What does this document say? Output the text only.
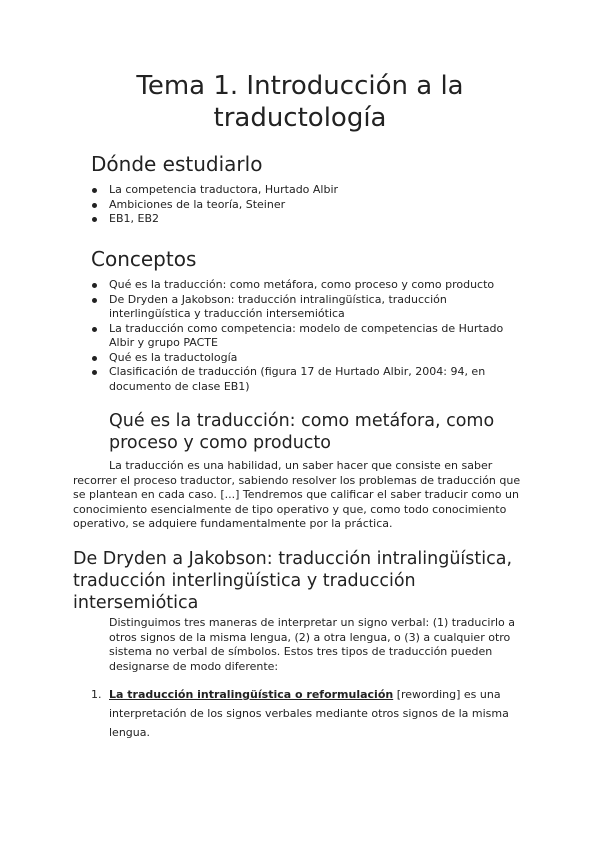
Tema 1. Introducción a la traductología
Dónde estudiarlo
La competencia traductora, Hurtado Albir
Ambiciones de la teoría, Steiner
EB1, EB2
Conceptos
Qué es la traducción: como metáfora, como proceso y como producto
De Dryden a Jakobson: traducción intralingüística, traducción interlingüística y traducción intersemiótica
La traducción como competencia: modelo de competencias de Hurtado Albir y grupo PACTE
Qué es la traductología
Clasificación de traducción (figura 17 de Hurtado Albir, 2004: 94, en documento de clase EB1)
Qué es la traducción: como metáfora, como proceso y como producto

La traducción es una habilidad, un saber hacer que consiste en saber recorrer el proceso traductor, sabiendo resolver los problemas de traducción que se plantean en cada caso. [...] Tendremos que calificar el saber traducir como un conocimiento esencialmente de tipo operativo y que, como todo conocimiento operativo, se adquiere fundamentalmente por la práctica.

De Dryden a Jakobson: traducción intralingüística, traducción interlingüística y traducción intersemiótica

Distinguimos tres maneras de interpretar un signo verbal: (1) traducirlo a otros signos de la misma lengua, (2) a otra lengua, o (3) a cualquier otro sistema no verbal de símbolos. Estos tres tipos de traducción pueden designarse de modo diferente:

1. La traducción intralingüística o reformulación [rewording] es una interpretación de los signos verbales mediante otros signos de la misma lengua.
